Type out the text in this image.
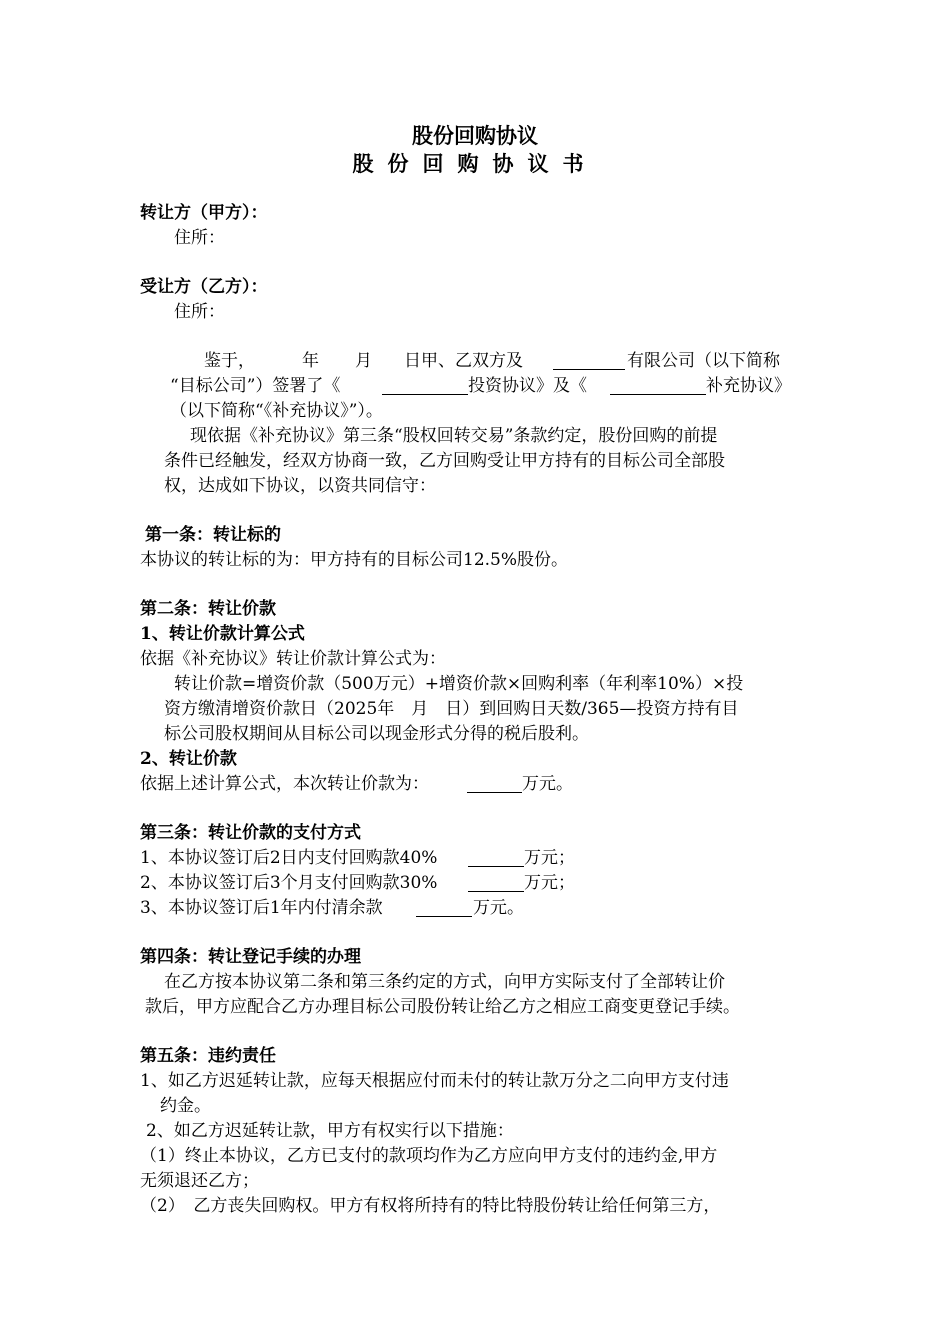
股份回购协议
股份回购协议书
转让方（甲方）：
住所：
受让方（乙方）：
住所：
鉴于，	年 月 日甲、乙双方及	有限公司（以下简称
“目标公司”）签署了《	投资协议》及《	补充协议》
（以下简称“《补充协议》”）。
现依据《补充协议》第三条“股权回转交易”条款约定，股份回购的前提
条件已经触发，经双方协商一致，乙方回购受让甲方持有的目标公司全部股
权，达成如下协议，以资共同信守：
第一条：转让标的
本协议的转让标的为：甲方持有的目标公司12.5%股份。
第二条：转让价款
1、转让价款计算公式
依据《补充协议》转让价款计算公式为：
转让价款=增资价款（500万元）+增资价款×回购利率（年利率10%）×投
资方缴清增资价款日（2025年　月　日）到回购日天数/365—投资方持有目
标公司股权期间从目标公司以现金形式分得的税后股利。
2、转让价款
依据上述计算公式，本次转让价款为：	万元。
第三条：转让价款的支付方式
1、本协议签订后2日内支付回购款40%	万元；
2、本协议签订后3个月支付回购款30%	万元；
3、本协议签订后1年内付清余款	万元。
第四条：转让登记手续的办理
在乙方按本协议第二条和第三条约定的方式，向甲方实际支付了全部转让价
款后，甲方应配合乙方办理目标公司股份转让给乙方之相应工商变更登记手续。
第五条：违约责任
1、如乙方迟延转让款，应每天根据应付而未付的转让款万分之二向甲方支付违
约金。
2、如乙方迟延转让款，甲方有权实行以下措施：
（1）终止本协议，乙方已支付的款项均作为乙方应向甲方支付的违约金,甲方
无须退还乙方；
（2）　乙方丧失回购权。甲方有权将所持有的特比特股份转让给任何第三方，
